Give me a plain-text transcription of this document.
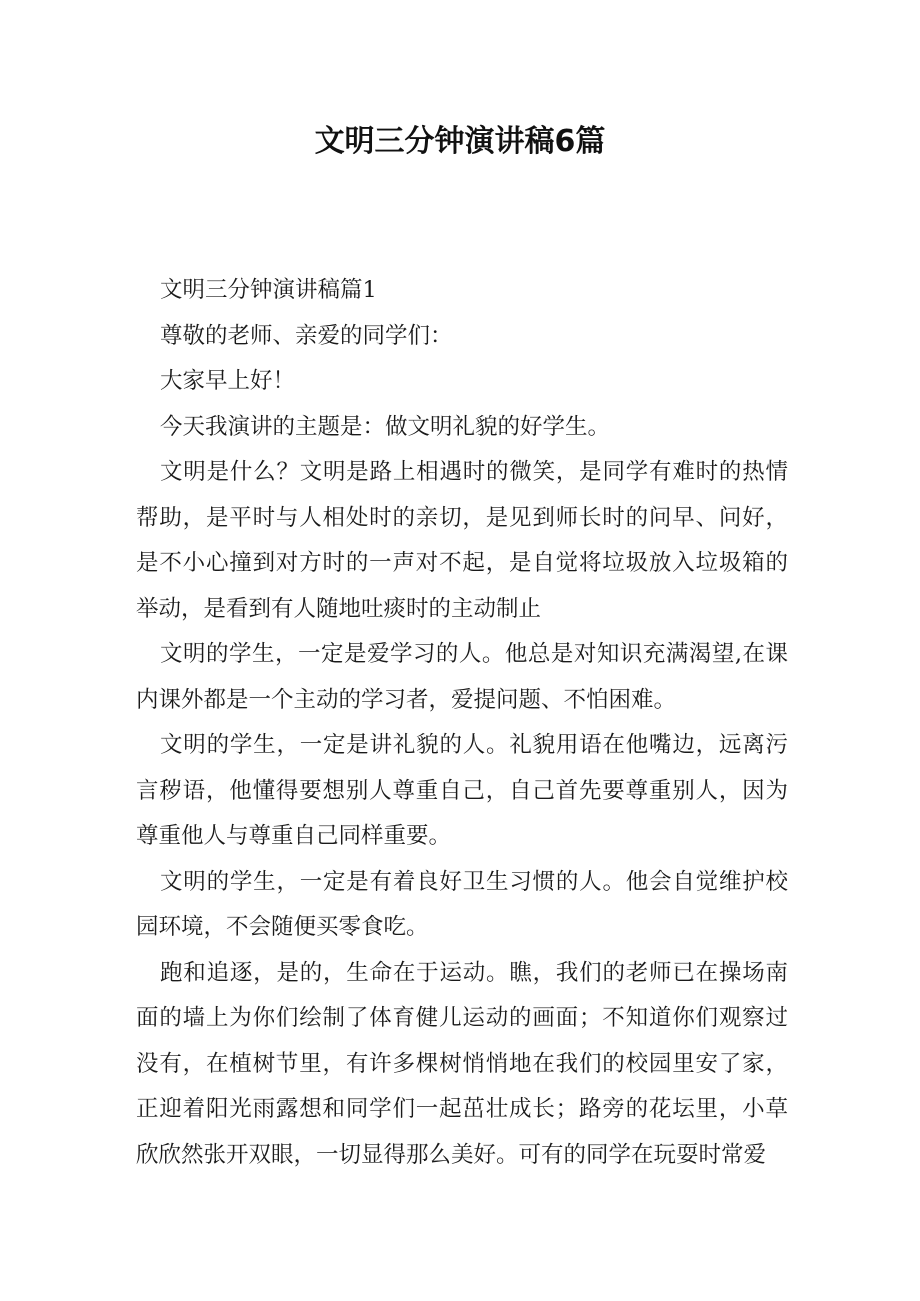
文明三分钟演讲稿6篇

文明三分钟演讲稿篇1

尊敬的老师、亲爱的同学们：

大家早上好！

今天我演讲的主题是：做文明礼貌的好学生。

文明是什么？文明是路上相遇时的微笑，是同学有难时的热情帮助，是平时与人相处时的亲切，是见到师长时的问早、问好，是不小心撞到对方时的一声对不起，是自觉将垃圾放入垃圾箱的举动，是看到有人随地吐痰时的主动制止

文明的学生，一定是爱学习的人。他总是对知识充满渴望,在课内课外都是一个主动的学习者，爱提问题、不怕困难。

文明的学生，一定是讲礼貌的人。礼貌用语在他嘴边，远离污言秽语，他懂得要想别人尊重自己，自己首先要尊重别人，因为尊重他人与尊重自己同样重要。

文明的学生，一定是有着良好卫生习惯的人。他会自觉维护校园环境，不会随便买零食吃。

跑和追逐，是的，生命在于运动。瞧，我们的老师已在操场南面的墙上为你们绘制了体育健儿运动的画面；不知道你们观察过没有，在植树节里，有许多棵树悄悄地在我们的校园里安了家，正迎着阳光雨露想和同学们一起茁壮成长；路旁的花坛里，小草欣欣然张开双眼，一切显得那么美好。可有的同学在玩耍时常爱
